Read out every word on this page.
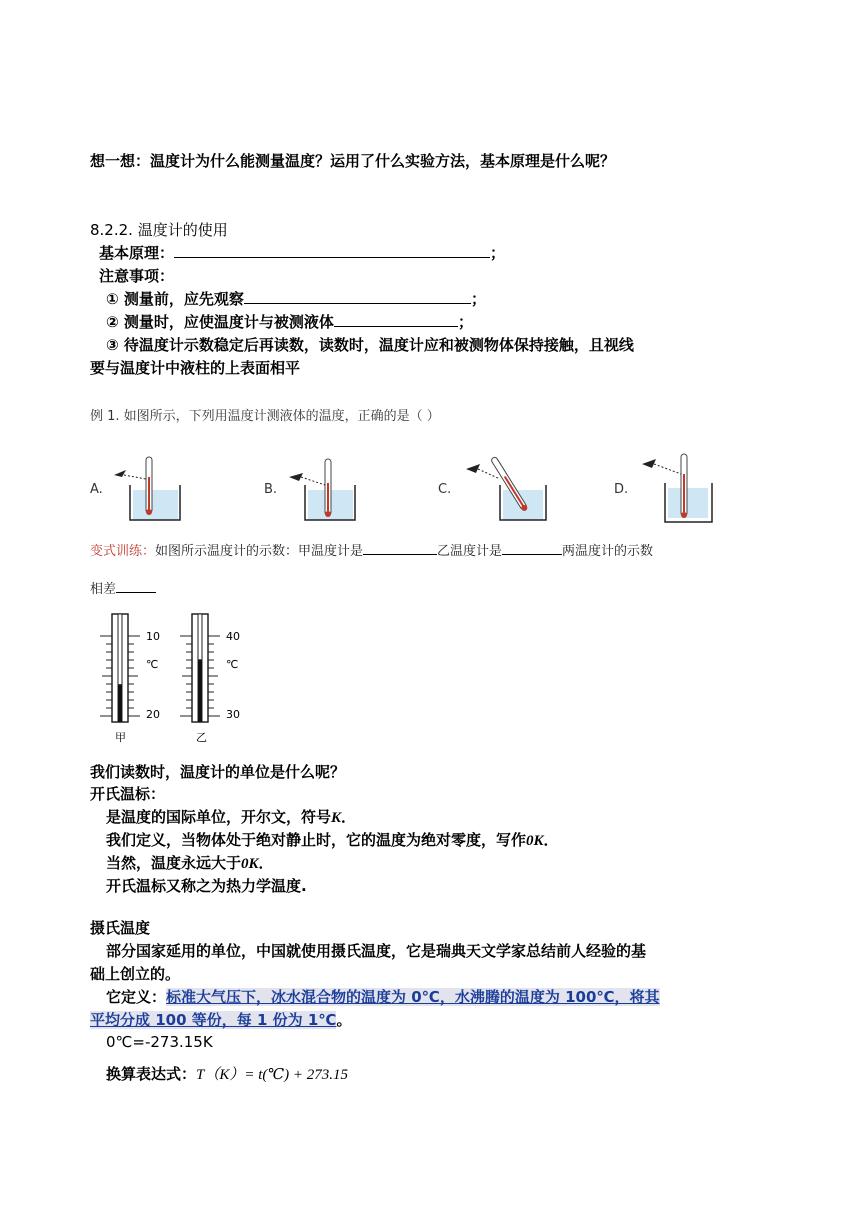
想一想：温度计为什么能测量温度？运用了什么实验方法，基本原理是什么呢？
8.2.2. 温度计的使用
基本原理：	；
注意事项：
① 测量前，应先观察	；
② 测量时，应使温度计与被测液体	；
③ 待温度计示数稳定后再读数，读数时，温度计应和被测物体保持接触，且视线
要与温度计中液柱的上表面相平
例 1. 如图所示，下列用温度计测液体的温度，正确的是（ ）
A.	B.	C.	D.
变式训练：如图所示温度计的示数：甲温度计是	乙温度计是	两温度计的示数
相差
10
℃
20
甲
40
℃
30
乙
我们读数时，温度计的单位是什么呢？
开氏温标：
是温度的国际单位，开尔文，符号K．
我们定义，当物体处于绝对静止时，它的温度为绝对零度，写作0K．
当然，温度永远大于0K．
开氏温标又称之为热力学温度.
摄氏温度
部分国家延用的单位，中国就使用摄氏温度，它是瑞典天文学家总结前人经验的基
础上创立的。
它定义：标准大气压下，冰水混合物的温度为 0℃，水沸腾的温度为 100℃，将其
平均分成 100 等份，每 1 份为 1℃。
0℃=-273.15K
换算表达式：T（K）= t(℃) + 273.15
